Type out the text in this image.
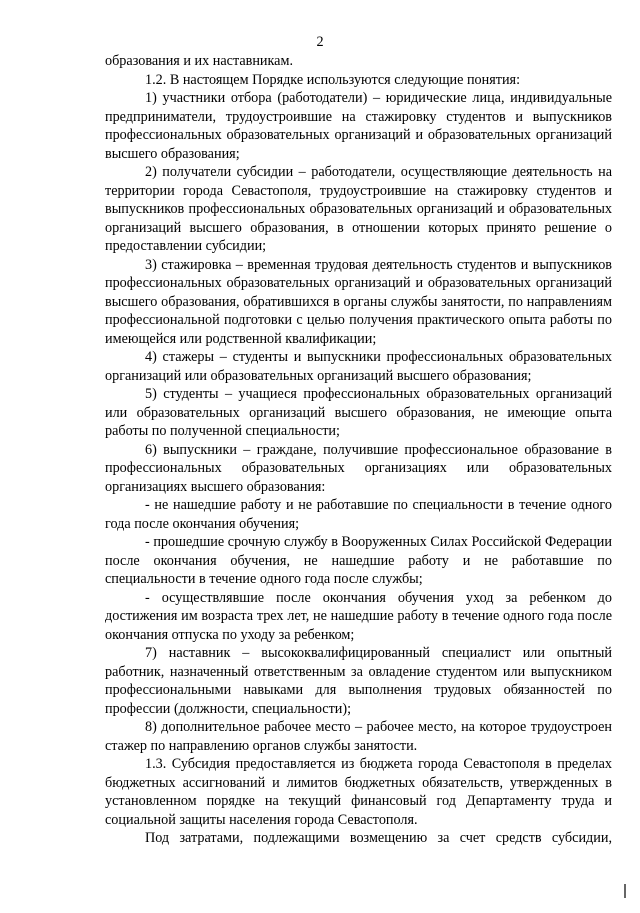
2

образования и их наставникам.

1.2. В настоящем Порядке используются следующие понятия:

1) участники отбора (работодатели) – юридические лица, индивидуальные предприниматели, трудоустроившие на стажировку студентов и выпускников профессиональных образовательных организаций и образовательных организаций высшего образования;

2) получатели субсидии – работодатели, осуществляющие деятельность на территории города Севастополя, трудоустроившие на стажировку студентов и выпускников профессиональных образовательных организаций и образовательных организаций высшего образования, в отношении которых принято решение о предоставлении субсидии;

3) стажировка – временная трудовая деятельность студентов и выпускников профессиональных образовательных организаций и образовательных организаций высшего образования, обратившихся в органы службы занятости, по направлениям профессиональной подготовки с целью получения практического опыта работы по имеющейся или родственной квалификации;

4) стажеры – студенты и выпускники профессиональных образовательных организаций или образовательных организаций высшего образования;

5) студенты – учащиеся профессиональных образовательных организаций или образовательных организаций высшего образования, не имеющие опыта работы по полученной специальности;

6) выпускники – граждане, получившие профессиональное образование в профессиональных образовательных организациях или образовательных организациях высшего образования:

- не нашедшие работу и не работавшие по специальности в течение одного года после окончания обучения;

- прошедшие срочную службу в Вооруженных Силах Российской Федерации после окончания обучения, не нашедшие работу и не работавшие по специальности в течение одного года после службы;

- осуществлявшие после окончания обучения уход за ребенком до достижения им возраста трех лет, не нашедшие работу в течение одного года после окончания отпуска по уходу за ребенком;

7) наставник – высококвалифицированный специалист или опытный работник, назначенный ответственным за овладение студентом или выпускником профессиональными навыками для выполнения трудовых обязанностей по профессии (должности, специальности);

8) дополнительное рабочее место – рабочее место, на которое трудоустроен стажер по направлению органов службы занятости.

1.3. Субсидия предоставляется из бюджета города Севастополя в пределах бюджетных ассигнований и лимитов бюджетных обязательств, утвержденных в установленном порядке на текущий финансовый год Департаменту труда и социальной защиты населения города Севастополя.

Под затратами, подлежащими возмещению за счет средств субсидии,
